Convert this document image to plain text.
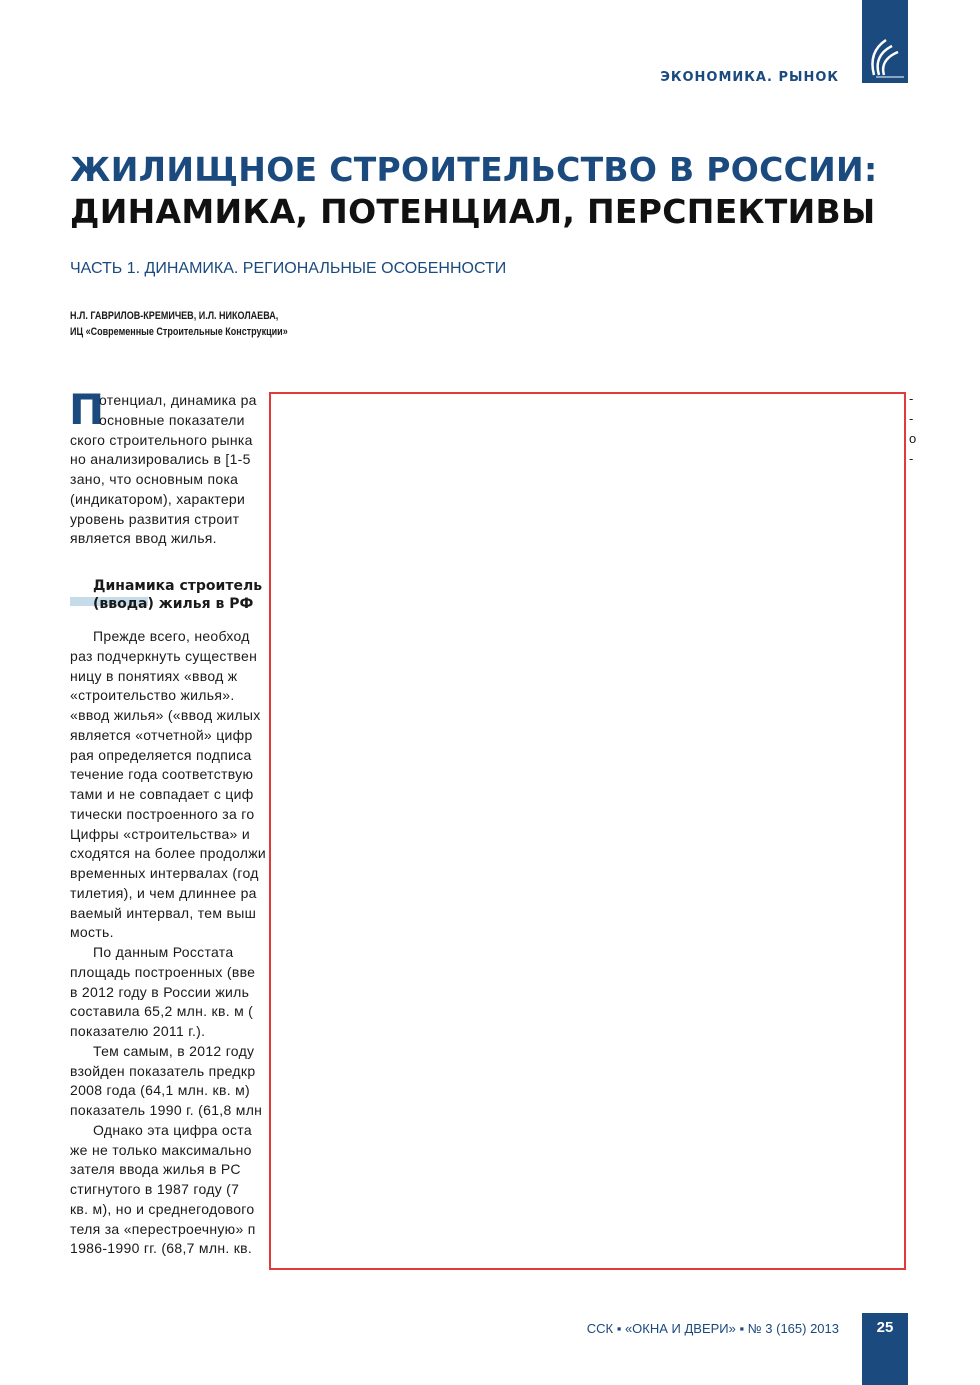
ЭКОНОМИКА. РЫНОК
ЖИЛИЩНОЕ СТРОИТЕЛЬСТВО В РОССИИ:
ДИНАМИКА, ПОТЕНЦИАЛ, ПЕРСПЕКТИВЫ
ЧАСТЬ 1. ДИНАМИКА. РЕГИОНАЛЬНЫЕ ОСОБЕННОСТИ
Н.Л. ГАВРИЛОВ-КРЕМИЧЕВ, И.Л. НИКОЛАЕВА,
ИЦ «Современные Строительные Конструкции»
П
отенциал, динамика ра
основные показатели
ского строительного рынка
но анализировались в [1-5
зано, что основным пока
(индикатором), характери
уровень развития строит
является ввод жилья.
Динамика строитель
(ввода) жилья в РФ
Прежде всего, необход
раз подчеркнуть существен
ницу в понятиях «ввод ж
«строительство жилья».
«ввод жилья» («ввод жилых
является «отчетной» цифр
рая определяется подписа
течение года соответствую
тами и не совпадает с циф
тически построенного за го
Цифры «строительства» и
сходятся на более продолжи
временных интервалах (год
тилетия), и чем длиннее ра
ваемый интервал, тем выш
мость.
По данным Росстата
площадь построенных (вве
в 2012 году в России жиль
составила 65,2 млн. кв. м (
показателю 2011 г.).
Тем самым, в 2012 году
взойден показатель предкр
2008 года (64,1 млн. кв. м)
показатель 1990 г. (61,8 млн
Однако эта цифра оста
же не только максимально
зателя ввода жилья в РС
стигнутого в 1987 году (7
кв. м), но и среднегодового
теля за «перестроечную» п
1986-1990 гг. (68,7 млн. кв.
-
-
о
-
ССК ▪ «ОКНА И ДВЕРИ» ▪ № 3 (165) 2013	25
